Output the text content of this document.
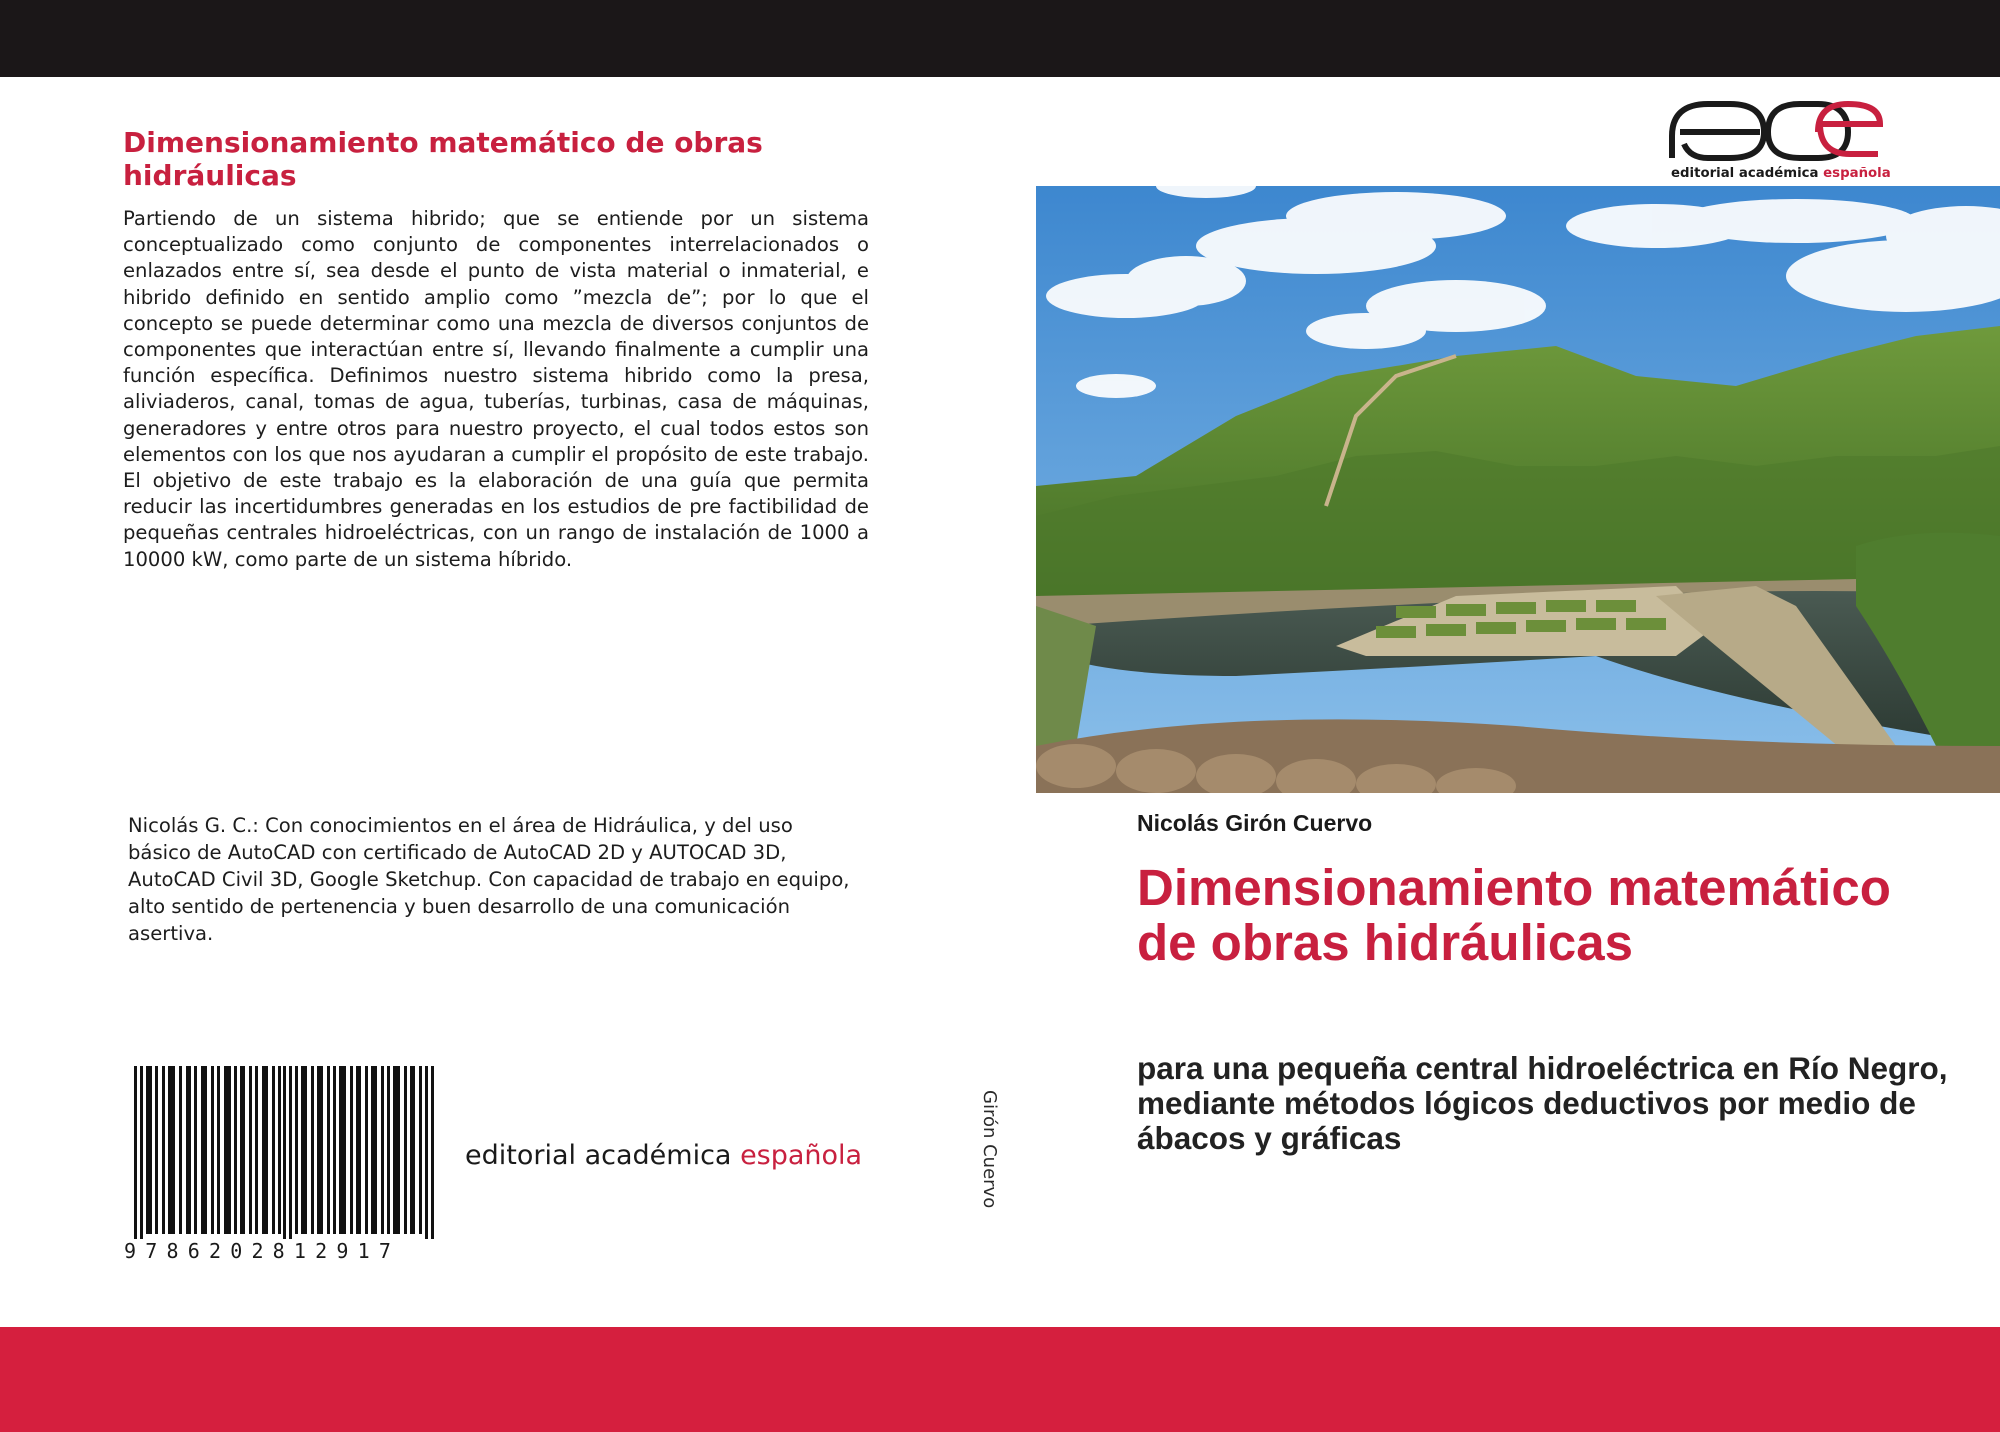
Dimensionamiento matemático de obras hidráulicas

Partiendo de un sistema hibrido; que se entiende por un sistema conceptualizado como conjunto de componentes interrelacionados o enlazados entre sí, sea desde el punto de vista material o inmaterial, e hibrido definido en sentido amplio como ”mezcla de”; por lo que el concepto se puede determinar como una mezcla de diversos conjuntos de componentes que interactúan entre sí, llevando finalmente a cumplir una función específica. Definimos nuestro sistema hibrido como la presa, aliviaderos, canal, tomas de agua, tuberías, turbinas, casa de máquinas, generadores y entre otros para nuestro proyecto, el cual todos estos son elementos con los que nos ayudaran a cumplir el propósito de este trabajo. El objetivo de este trabajo es la elaboración de una guía que permita reducir las incertidumbres generadas en los estudios de pre factibilidad de pequeñas centrales hidroeléctricas, con un rango de instalación de 1000 a 10000 kW, como parte de un sistema híbrido.

Nicolás G. C.: Con conocimientos en el área de Hidráulica, y del uso básico de AutoCAD con certificado de AutoCAD 2D y AUTOCAD 3D, AutoCAD Civil 3D, Google Sketchup. Con capacidad de trabajo en equipo, alto sentido de pertenencia y buen desarrollo de una comunicación asertiva.

9786202812917
editorial académica española	Girón Cuervo
editorial académica española
Nicolás Girón Cuervo
Dimensionamiento matemático de obras hidráulicas

para una pequeña central hidroeléctrica en Río Negro, mediante métodos lógicos deductivos por medio de ábacos y gráficas
